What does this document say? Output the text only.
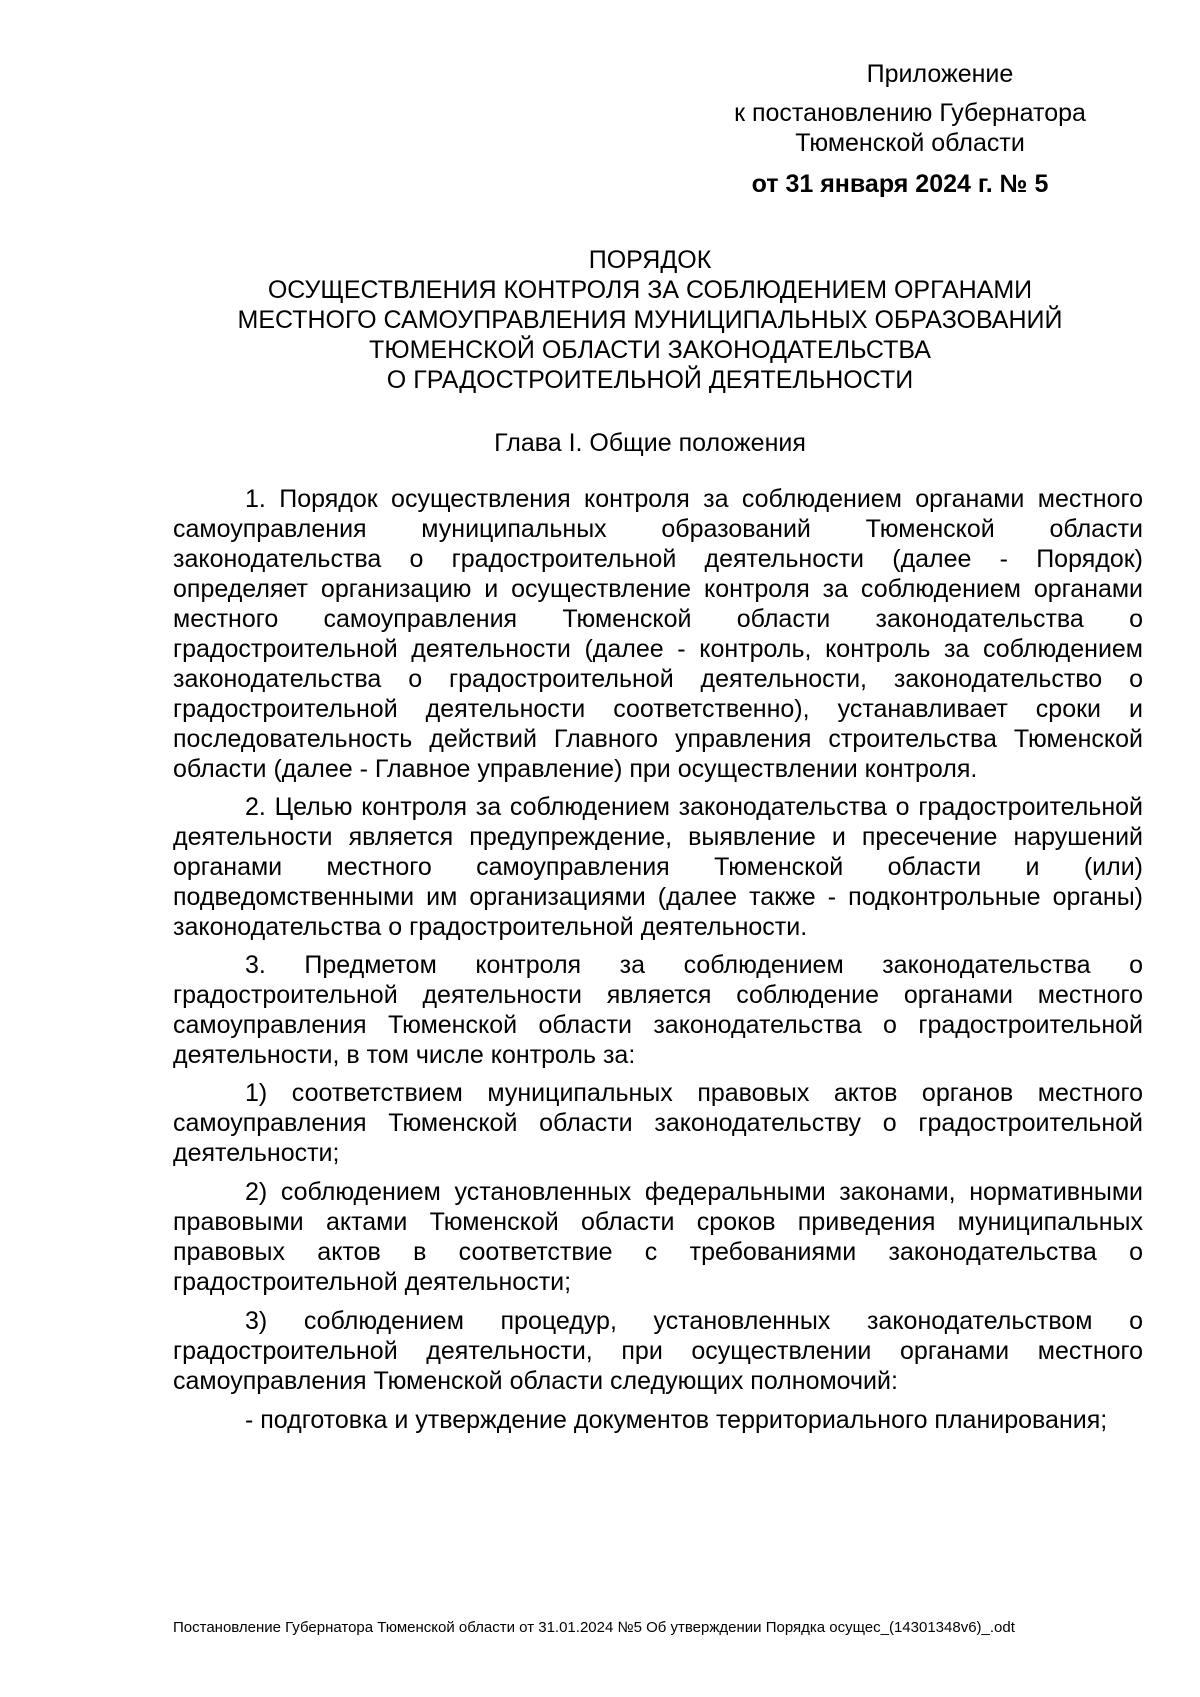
Приложение
к постановлению Губернатора
Тюменской области
от 31 января 2024 г. № 5
ПОРЯДОК
ОСУЩЕСТВЛЕНИЯ КОНТРОЛЯ ЗА СОБЛЮДЕНИЕМ ОРГАНАМИ
МЕСТНОГО САМОУПРАВЛЕНИЯ МУНИЦИПАЛЬНЫХ ОБРАЗОВАНИЙ
ТЮМЕНСКОЙ ОБЛАСТИ ЗАКОНОДАТЕЛЬСТВА
О ГРАДОСТРОИТЕЛЬНОЙ ДЕЯТЕЛЬНОСТИ
Глава I. Общие положения

1. Порядок осуществления контроля за соблюдением органами местного самоуправления муниципальных образований Тюменской области законодательства о градостроительной деятельности (далее - Порядок) определяет организацию и осуществление контроля за соблюдением органами местного самоуправления Тюменской области законодательства о градостроительной деятельности (далее - контроль, контроль за соблюдением законодательства о градостроительной деятельности, законодательство о градостроительной деятельности соответственно), устанавливает сроки и последовательность действий Главного управления строительства Тюменской области (далее - Главное управление) при осуществлении контроля.

2. Целью контроля за соблюдением законодательства о градостроительной деятельности является предупреждение, выявление и пресечение нарушений органами местного самоуправления Тюменской области и (или) подведомственными им организациями (далее также - подконтрольные органы) законодательства о градостроительной деятельности.

3. Предметом контроля за соблюдением законодательства о градостроительной деятельности является соблюдение органами местного самоуправления Тюменской области законодательства о градостроительной деятельности, в том числе контроль за:

1) соответствием муниципальных правовых актов органов местного самоуправления Тюменской области законодательству о градостроительной деятельности;

2) соблюдением установленных федеральными законами, нормативными правовыми актами Тюменской области сроков приведения муниципальных правовых актов в соответствие с требованиями законодательства о градостроительной деятельности;

3) соблюдением процедур, установленных законодательством о градостроительной деятельности, при осуществлении органами местного самоуправления Тюменской области следующих полномочий:

- подготовка и утверждение документов территориального планирования;

Постановление Губернатора Тюменской области от 31.01.2024 №5 Об утверждении Порядка осущес_(14301348v6)_.odt
